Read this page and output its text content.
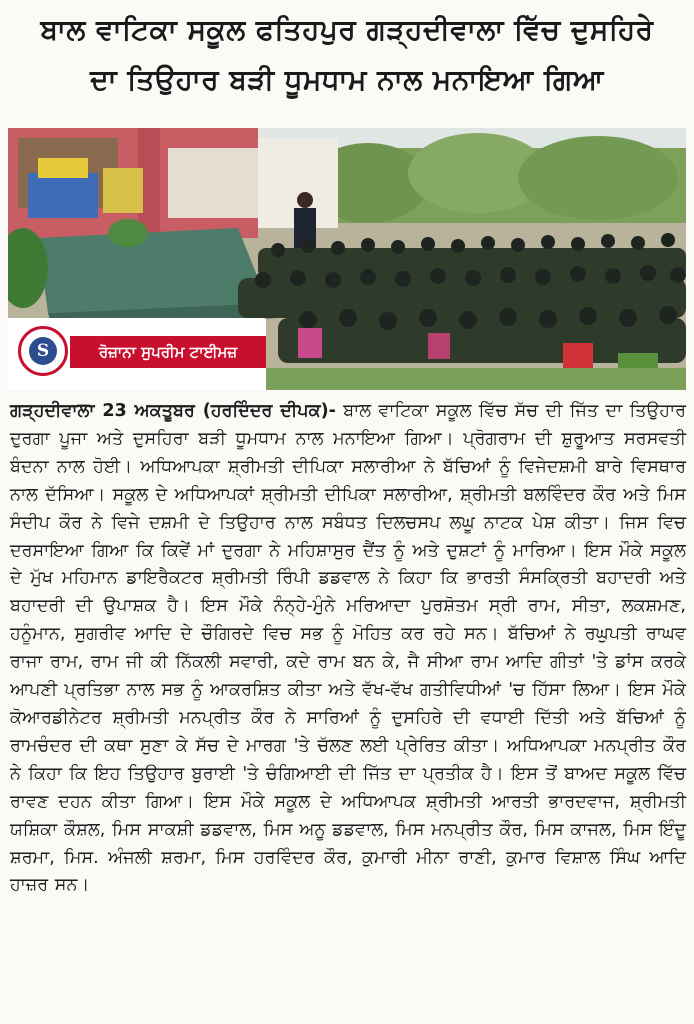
ਬਾਲ ਵਾਟਿਕਾ ਸਕੂਲ ਫਤਿਹਪੁਰ ਗੜ੍ਹਦੀਵਾਲਾ ਵਿੱਚ ਦੁਸਹਿਰੇ
ਦਾ ਤਿਉਹਾਰ ਬੜੀ ਧੂਮਧਾਮ ਨਾਲ ਮਨਾਇਆ ਗਿਆ
S	ਰੋਜ਼ਾਨਾ ਸੁਪਰੀਮ ਟਾਈਮਜ਼
ਗੜ੍ਹਦੀਵਾਲਾ 23 ਅਕਤੂਬਰ (ਹਰਦਿੰਦਰ ਦੀਪਕ)- ਬਾਲ ਵਾਟਿਕਾ ਸਕੂਲ ਵਿੱਚ ਸੱਚ ਦੀ ਜਿੱਤ ਦਾ ਤਿਉਹਾਰ ਦੁਰਗਾ ਪੂਜਾ ਅਤੇ ਦੁਸਹਿਰਾ ਬੜੀ ਧੂਮਧਾਮ ਨਾਲ ਮਨਾਇਆ ਗਿਆ। ਪ੍ਰੋਗਰਾਮ ਦੀ ਸ਼ੁਰੂਆਤ ਸਰਸਵਤੀ ਬੰਦਨਾ ਨਾਲ ਹੋਈ। ਅਧਿਆਪਕਾ ਸ਼੍ਰੀਮਤੀ ਦੀਪਿਕਾ ਸਲਾਰੀਆ ਨੇ ਬੱਚਿਆਂ ਨੂੰ ਵਿਜੇਦਸ਼ਮੀ ਬਾਰੇ ਵਿਸਥਾਰ ਨਾਲ ਦੱਸਿਆ। ਸਕੂਲ ਦੇ ਅਧਿਆਪਕਾਂ ਸ਼੍ਰੀਮਤੀ ਦੀਪਿਕਾ ਸਲਾਰੀਆ, ਸ਼੍ਰੀਮਤੀ ਬਲਵਿੰਦਰ ਕੌਰ ਅਤੇ ਮਿਸ ਸੰਦੀਪ ਕੌਰ ਨੇ ਵਿਜੇ ਦਸ਼ਮੀ ਦੇ ਤਿਉਹਾਰ ਨਾਲ ਸਬੰਧਤ ਦਿਲਚਸਪ ਲਘੂ ਨਾਟਕ ਪੇਸ਼ ਕੀਤਾ। ਜਿਸ ਵਿਚ ਦਰਸਾਇਆ ਗਿਆ ਕਿ ਕਿਵੇਂ ਮਾਂ ਦੁਰਗਾ ਨੇ ਮਹਿਸ਼ਾਸੁਰ ਦੈਂਤ ਨੂੰ ਅਤੇ ਦੁਸ਼ਟਾਂ ਨੂੰ ਮਾਰਿਆ। ਇਸ ਮੌਕੇ ਸਕੂਲ ਦੇ ਮੁੱਖ ਮਹਿਮਾਨ ਡਾਇਰੈਕਟਰ ਸ਼੍ਰੀਮਤੀ ਰਿੰਪੀ ਡਡਵਾਲ ਨੇ ਕਿਹਾ ਕਿ ਭਾਰਤੀ ਸੰਸਕ੍ਰਿਤੀ ਬਹਾਦਰੀ ਅਤੇ ਬਹਾਦਰੀ ਦੀ ਉਪਾਸ਼ਕ ਹੈ। ਇਸ ਮੌਕੇ ਨੰਨ੍ਹੇ-ਮੁੰਨੇ ਮਰਿਆਦਾ ਪੁਰਸ਼ੋਤਮ ਸ੍ਰੀ ਰਾਮ, ਸੀਤਾ, ਲਕਸ਼ਮਣ, ਹਨੂੰਮਾਨ, ਸੁਗਰੀਵ ਆਦਿ ਦੇ ਚੌਗਿਰਦੇ ਵਿਚ ਸਭ ਨੂੰ ਮੋਹਿਤ ਕਰ ਰਹੇ ਸਨ। ਬੱਚਿਆਂ ਨੇ ਰਘੁਪਤੀ ਰਾਘਵ ਰਾਜਾ ਰਾਮ, ਰਾਮ ਜੀ ਕੀ ਨਿੱਕਲੀ ਸਵਾਰੀ, ਕਦੇ ਰਾਮ ਬਨ ਕੇ, ਜੈ ਸੀਆ ਰਾਮ ਆਦਿ ਗੀਤਾਂ 'ਤੇ ਡਾਂਸ ਕਰਕੇ ਆਪਣੀ ਪ੍ਰਤਿਭਾ ਨਾਲ ਸਭ ਨੂੰ ਆਕਰਸ਼ਿਤ ਕੀਤਾ ਅਤੇ ਵੱਖ-ਵੱਖ ਗਤੀਵਿਧੀਆਂ 'ਚ ਹਿੱਸਾ ਲਿਆ। ਇਸ ਮੌਕੇ ਕੋਆਰਡੀਨੇਟਰ ਸ਼੍ਰੀਮਤੀ ਮਨਪ੍ਰੀਤ ਕੌਰ ਨੇ ਸਾਰਿਆਂ ਨੂੰ ਦੁਸਹਿਰੇ ਦੀ ਵਧਾਈ ਦਿੱਤੀ ਅਤੇ ਬੱਚਿਆਂ ਨੂੰ ਰਾਮਚੰਦਰ ਦੀ ਕਥਾ ਸੁਣਾ ਕੇ ਸੱਚ ਦੇ ਮਾਰਗ 'ਤੇ ਚੱਲਣ ਲਈ ਪ੍ਰੇਰਿਤ ਕੀਤਾ। ਅਧਿਆਪਕਾ ਮਨਪ੍ਰੀਤ ਕੌਰ ਨੇ ਕਿਹਾ ਕਿ ਇਹ ਤਿਉਹਾਰ ਬੁਰਾਈ 'ਤੇ ਚੰਗਿਆਈ ਦੀ ਜਿੱਤ ਦਾ ਪ੍ਰਤੀਕ ਹੈ। ਇਸ ਤੋਂ ਬਾਅਦ ਸਕੂਲ ਵਿੱਚ ਰਾਵਣ ਦਹਨ ਕੀਤਾ ਗਿਆ। ਇਸ ਮੌਕੇ ਸਕੂਲ ਦੇ ਅਧਿਆਪਕ ਸ਼੍ਰੀਮਤੀ ਆਰਤੀ ਭਾਰਦਵਾਜ, ਸ਼੍ਰੀਮਤੀ ਯਸ਼ਿਕਾ ਕੌਸ਼ਲ, ਮਿਸ ਸਾਕਸ਼ੀ ਡਡਵਾਲ, ਮਿਸ ਅਨੂ ਡਡਵਾਲ, ਮਿਸ ਮਨਪ੍ਰੀਤ ਕੌਰ, ਮਿਸ ਕਾਜਲ, ਮਿਸ ਇੰਦੂ ਸ਼ਰਮਾ, ਮਿਸ. ਅੰਜਲੀ ਸ਼ਰਮਾ, ਮਿਸ ਹਰਵਿੰਦਰ ਕੌਰ, ਕੁਮਾਰੀ ਮੀਨਾ ਰਾਣੀ, ਕੁਮਾਰ ਵਿਸ਼ਾਲ ਸਿੰਘ ਆਦਿ ਹਾਜ਼ਰ ਸਨ।
